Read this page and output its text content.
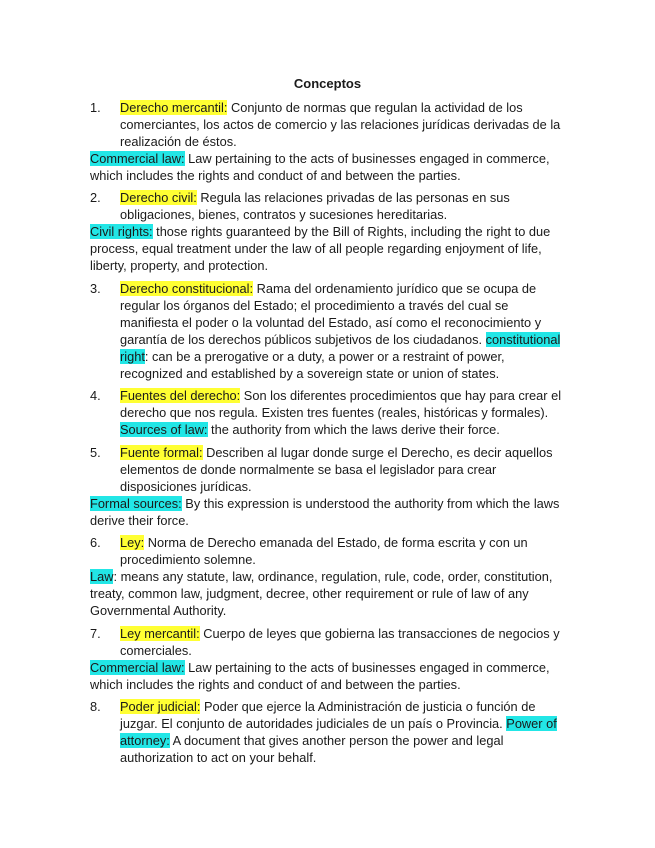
Conceptos
1.	Derecho mercantil: Conjunto de normas que regulan la actividad de los comerciantes, los actos de comercio y las relaciones jurídicas derivadas de la realización de éstos.
Commercial law: Law pertaining to the acts of businesses engaged in commerce, which includes the rights and conduct of and between the parties.
2.	Derecho civil: Regula las relaciones privadas de las personas en sus obligaciones, bienes, contratos y sucesiones hereditarias.
Civil rights: those rights guaranteed by the Bill of Rights, including the right to due process, equal treatment under the law of all people regarding enjoyment of life, liberty, property, and protection.
3.	Derecho constitucional: Rama del ordenamiento jurídico que se ocupa de regular los órganos del Estado; el procedimiento a través del cual se manifiesta el poder o la voluntad del Estado, así como el reconocimiento y garantía de los derechos públicos subjetivos de los ciudadanos. constitutional right: can be a prerogative or a duty, a power or a restraint of power, recognized and established by a sovereign state or union of states.
4.	Fuentes del derecho: Son los diferentes procedimientos que hay para crear el derecho que nos regula. Existen tres fuentes (reales, históricas y formales). Sources of law: the authority from which the laws derive their force.
5.	Fuente formal: Describen al lugar donde surge el Derecho, es decir aquellos elementos de donde normalmente se basa el legislador para crear disposiciones jurídicas.
Formal sources: By this expression is understood the authority from which the laws derive their force.
6.	Ley: Norma de Derecho emanada del Estado, de forma escrita y con un procedimiento solemne.
Law: means any statute, law, ordinance, regulation, rule, code, order, constitution, treaty, common law, judgment, decree, other requirement or rule of law of any Governmental Authority.
7.	Ley mercantil: Cuerpo de leyes que gobierna las transacciones de negocios y comerciales.
Commercial law: Law pertaining to the acts of businesses engaged in commerce, which includes the rights and conduct of and between the parties.
8.	Poder judicial: Poder que ejerce la Administración de justicia o función de juzgar. El conjunto de autoridades judiciales de un país o Provincia. Power of attorney: A document that gives another person the power and legal authorization to act on your behalf.
